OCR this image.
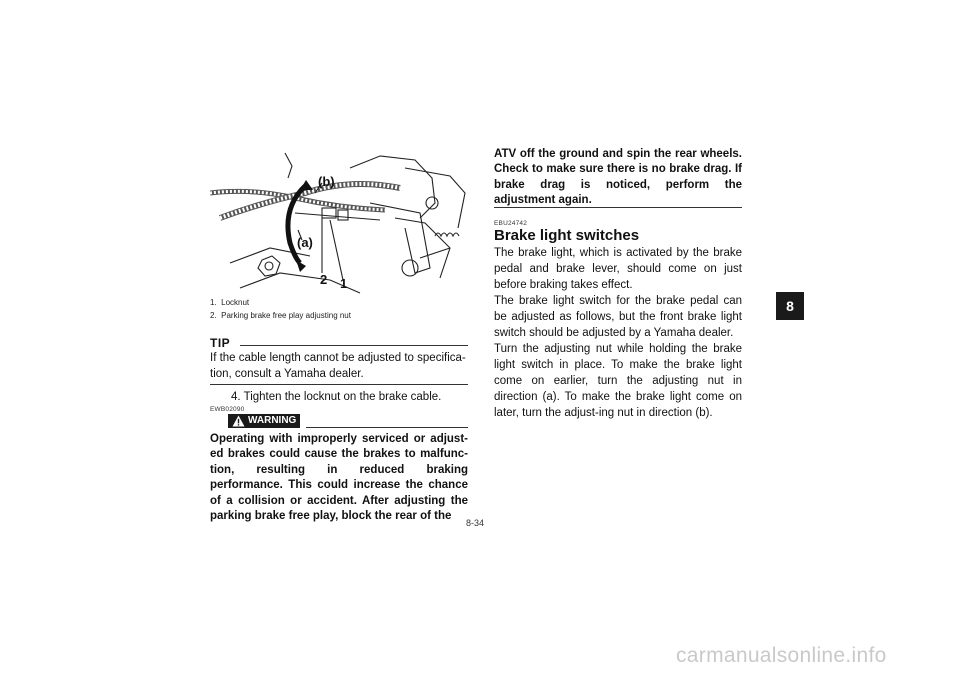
(b)
(a)
2 1
1. Locknut
2. Parking brake free play adjusting nut
TIP
If the cable length cannot be adjusted to specifica-tion, consult a Yamaha dealer.
4. Tighten the locknut on the brake cable.
EWB02090
WARNING
Operating with improperly serviced or adjust-ed brakes could cause the brakes to malfunc-tion, resulting in reduced braking performance. This could increase the chance of a collision or accident. After adjusting the parking brake free play, block the rear of the
ATV off the ground and spin the rear wheels. Check to make sure there is no brake drag. If brake drag is noticed, perform the adjustment again.
EBU24742
Brake light switches
The brake light, which is activated by the brake pedal and brake lever, should come on just before braking takes effect.
The brake light switch for the brake pedal can be adjusted as follows, but the front brake light switch should be adjusted by a Yamaha dealer.
Turn the adjusting nut while holding the brake light switch in place. To make the brake light come on earlier, turn the adjusting nut in direction (a). To make the brake light come on later, turn the adjust-ing nut in direction (b).
8
8-34
carmanualsonline.info
